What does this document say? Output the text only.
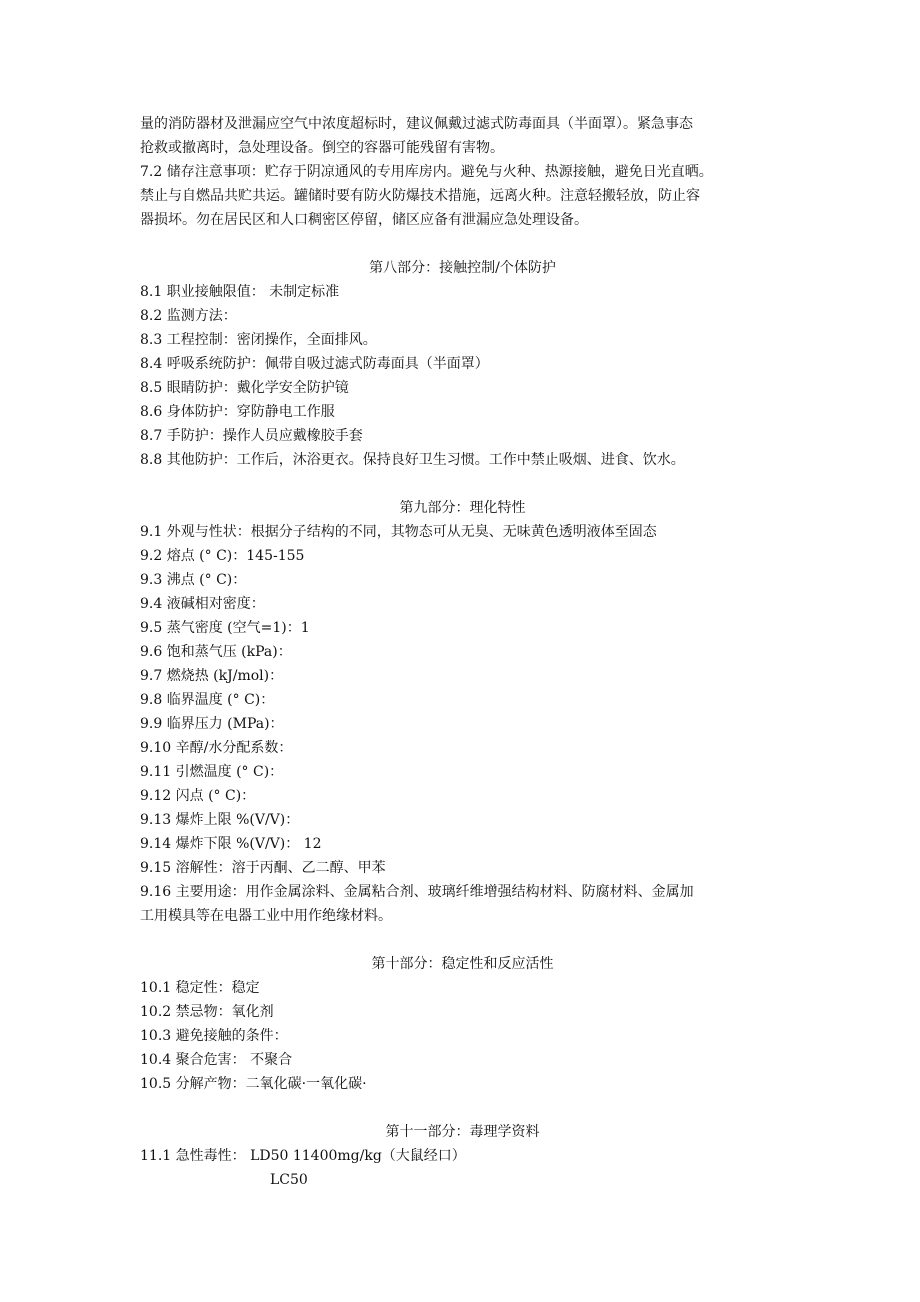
量的消防器材及泄漏应空气中浓度超标时，建议佩戴过滤式防毒面具（半面罩）。紧急事态
抢救或撤离时，急处理设备。倒空的容器可能残留有害物。
7.2 储存注意事项：贮存于阴凉通风的专用库房内。避免与火种、热源接触，避免日光直晒。
禁止与自燃品共贮共运。罐储时要有防火防爆技术措施，远离火种。注意轻搬轻放，防止容
器损坏。勿在居民区和人口稠密区停留，储区应备有泄漏应急处理设备。
第八部分：接触控制/个体防护
8.1 职业接触限值： 未制定标准
8.2 监测方法：
8.3 工程控制：密闭操作，全面排风。
8.4 呼吸系统防护：佩带自吸过滤式防毒面具（半面罩）
8.5 眼睛防护：戴化学安全防护镜
8.6 身体防护：穿防静电工作服
8.7 手防护：操作人员应戴橡胶手套
8.8 其他防护：工作后，沐浴更衣。保持良好卫生习惯。工作中禁止吸烟、进食、饮水。
第九部分：理化特性
9.1 外观与性状：根据分子结构的不同，其物态可从无臭、无味黄色透明液体至固态
9.2 熔点 (° C)：145-155
9.3 沸点 (° C)：
9.4 液碱相对密度：
9.5 蒸气密度 (空气=1)：1
9.6 饱和蒸气压 (kPa)：
9.7 燃烧热 (kJ/mol)：
9.8 临界温度 (° C)：
9.9 临界压力 (MPa)：
9.10 辛醇/水分配系数：
9.11 引燃温度 (° C)：
9.12 闪点 (° C)：
9.13 爆炸上限 %(V/V)：
9.14 爆炸下限 %(V/V)： 12
9.15 溶解性：溶于丙酮、乙二醇、甲苯
9.16 主要用途：用作金属涂料、金属粘合剂、玻璃纤维增强结构材料、防腐材料、金属加
工用模具等在电器工业中用作绝缘材料。
第十部分：稳定性和反应活性
10.1 稳定性：稳定
10.2 禁忌物：氧化剂
10.3 避免接触的条件：
10.4 聚合危害： 不聚合
10.5 分解产物：二氧化碳·一氧化碳·
第十一部分：毒理学资料
11.1 急性毒性： LD50 11400mg/kg（大鼠经口）
LC50
